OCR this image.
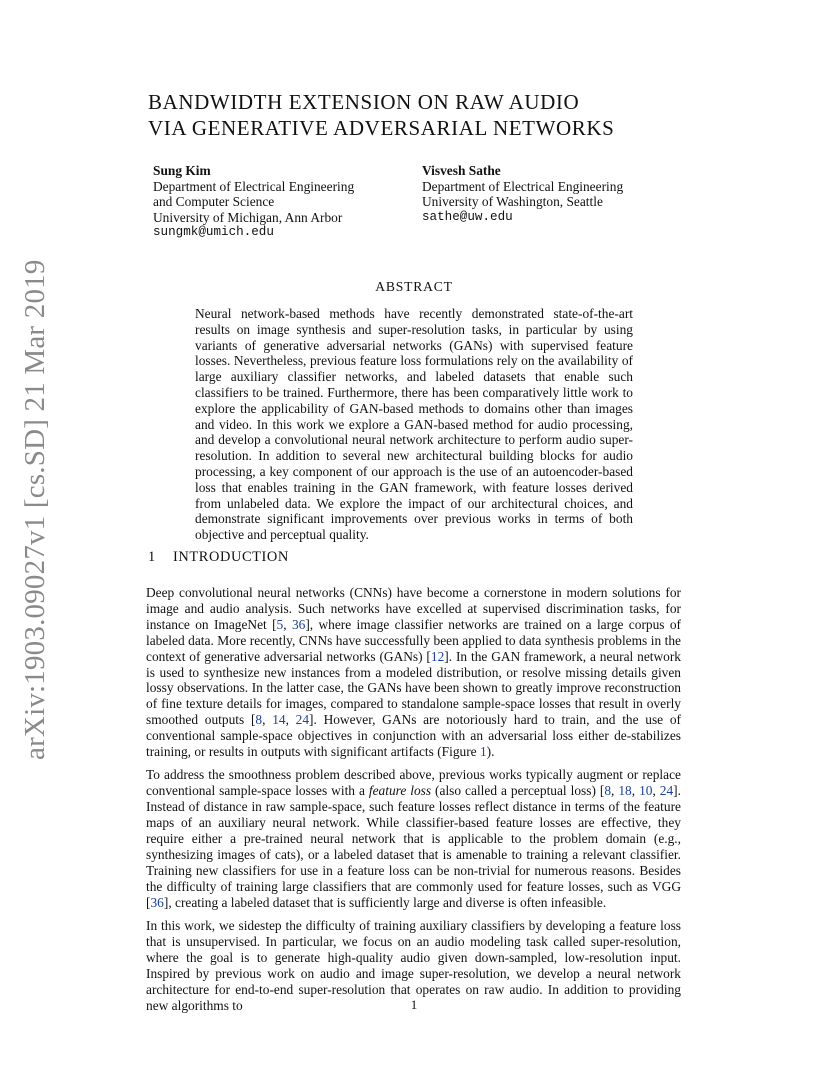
arXiv:1903.09027v1 [cs.SD] 21 Mar 2019
BANDWIDTH EXTENSION ON RAW AUDIO
VIA GENERATIVE ADVERSARIAL NETWORKS
Sung Kim
Department of Electrical Engineering
and Computer Science
University of Michigan, Ann Arbor
sungmk@umich.edu
Visvesh Sathe
Department of Electrical Engineering
University of Washington, Seattle
sathe@uw.edu
ABSTRACT

Neural network-based methods have recently demonstrated state-of-the-art results on image synthesis and super-resolution tasks, in particular by using variants of generative adversarial networks (GANs) with supervised feature losses. Nevertheless, previous feature loss formulations rely on the availability of large auxiliary classifier networks, and labeled datasets that enable such classifiers to be trained. Furthermore, there has been comparatively little work to explore the applicability of GAN-based methods to domains other than images and video. In this work we explore a GAN-based method for audio processing, and develop a convolutional neural network architecture to perform audio super-resolution. In addition to several new architectural building blocks for audio processing, a key component of our approach is the use of an autoencoder-based loss that enables training in the GAN framework, with feature losses derived from unlabeled data. We explore the impact of our architectural choices, and demonstrate significant improvements over previous works in terms of both objective and perceptual quality.

1 INTRODUCTION

Deep convolutional neural networks (CNNs) have become a cornerstone in modern solutions for image and audio analysis. Such networks have excelled at supervised discrimination tasks, for instance on ImageNet [5, 36], where image classifier networks are trained on a large corpus of labeled data. More recently, CNNs have successfully been applied to data synthesis problems in the context of generative adversarial networks (GANs) [12]. In the GAN framework, a neural network is used to synthesize new instances from a modeled distribution, or resolve missing details given lossy observations. In the latter case, the GANs have been shown to greatly improve reconstruction of fine texture details for images, compared to standalone sample-space losses that result in overly smoothed outputs [8, 14, 24]. However, GANs are notoriously hard to train, and the use of conventional sample-space objectives in conjunction with an adversarial loss either de-stabilizes training, or results in outputs with significant artifacts (Figure 1).

To address the smoothness problem described above, previous works typically augment or replace conventional sample-space losses with a feature loss (also called a perceptual loss) [8, 18, 10, 24]. Instead of distance in raw sample-space, such feature losses reflect distance in terms of the feature maps of an auxiliary neural network. While classifier-based feature losses are effective, they require either a pre-trained neural network that is applicable to the problem domain (e.g., synthesizing images of cats), or a labeled dataset that is amenable to training a relevant classifier. Training new classifiers for use in a feature loss can be non-trivial for numerous reasons. Besides the difficulty of training large classifiers that are commonly used for feature losses, such as VGG [36], creating a labeled dataset that is sufficiently large and diverse is often infeasible.

In this work, we sidestep the difficulty of training auxiliary classifiers by developing a feature loss that is unsupervised. In particular, we focus on an audio modeling task called super-resolution, where the goal is to generate high-quality audio given down-sampled, low-resolution input. Inspired by previous work on audio and image super-resolution, we develop a neural network architecture for end-to-end super-resolution that operates on raw audio. In addition to providing new algorithms to	1
